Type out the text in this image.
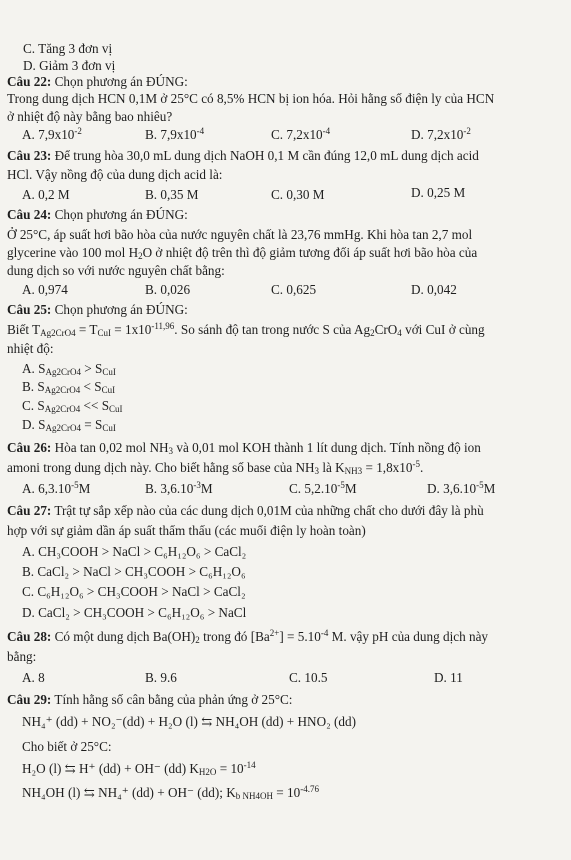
C. Tăng 3 đơn vị
D. Giảm 3 đơn vị
Câu 22: Chọn phương án ĐÚNG:
Trong dung dịch HCN 0,1M ở 25°C có 8,5% HCN bị ion hóa. Hỏi hằng số điện ly của HCN
ở nhiệt độ này bằng bao nhiêu?
A. $7,9x10^{-2}$	B. $7,9x10^{-4}$	C. $7,2x10^{-4}$	D. $7,2x10^{-2}$
Câu 23: Để trung hòa 30,0 mL dung dịch NaOH 0,1 M cần đúng 12,0 mL dung dịch acid
HCl. Vậy nồng độ của dung dịch acid là:
A. 0,2 M	B. 0,35 M	C. 0,30 M	D. 0,25 M
Câu 24: Chọn phương án ĐÚNG:
Ở 25°C, áp suất hơi bão hòa của nước nguyên chất là 23,76 mmHg. Khi hòa tan 2,7 mol
glycerine vào 100 mol $H_2O$ ở nhiệt độ trên thì độ giảm tương đối áp suất hơi bão hòa của
dung dịch so với nước nguyên chất bằng:
A. 0,974	B. 0,026	C. 0,625	D. 0,042
Câu 25: Chọn phương án ĐÚNG:
Biết $T_{Ag2CrO4} = T_{CuI} = 1x10^{-11,96}$. So sánh độ tan trong nước S của $Ag_2CrO_4$ với CuI ở cùng
nhiệt độ:
A. $S_{Ag2CrO4} > S_{CuI}$
B. $S_{Ag2CrO4} < S_{CuI}$
C. $S_{Ag2CrO4} << S_{CuI}$
D. $S_{Ag2CrO4} = S_{CuI}$
Câu 26: Hòa tan 0,02 mol $NH_3$ và 0,01 mol KOH thành 1 lít dung dịch. Tính nồng độ ion
amoni trong dung dịch này. Cho biết hằng số base của $NH_3$ là $K_{NH3} = 1,8x10^{-5}$.
A. $6,3.10^{-5}M$	B. $3,6.10^{-3}M$	C. $5,2.10^{-5}M$	D. $3,6.10^{-5}M$
Câu 27: Trật tự sắp xếp nào của các dung dịch 0,01M của những chất cho dưới đây là phù
hợp với sự giảm dần áp suất thẩm thấu (các muối điện ly hoàn toàn)
A. CH₃COOH > NaCl > C₆H₁₂O₆ > CaCl₂
B. CaCl₂ > NaCl > CH₃COOH > C₆H₁₂O₆
C. C₆H₁₂O₆ > CH₃COOH > NaCl > CaCl₂
D. CaCl₂ > CH₃COOH > C₆H₁₂O₆ > NaCl
Câu 28: Có một dung dịch $Ba(OH)_2$ trong đó $[Ba^{2+}] = 5.10^{-4}$ M. vậy pH của dung dịch này
bằng:
A. 8	B. 9.6	C. 10.5	D. 11
Câu 29: Tính hằng số cân bằng của phản ứng ở 25°C:
NH₄⁺ (dd) + NO₂⁻(dd) + H₂O (l) ⇆ NH₄OH (dd) + HNO₂ (dd)
Cho biết ở 25°C:
H₂O (l) ⇆ H⁺ (dd) + OH⁻ (dd) $K_{H2O} = 10^{-14}$
NH₄OH (l) ⇆ NH₄⁺ (dd) + OH⁻ (dd); $K_{b NH4OH} = 10^{-4.76}$
